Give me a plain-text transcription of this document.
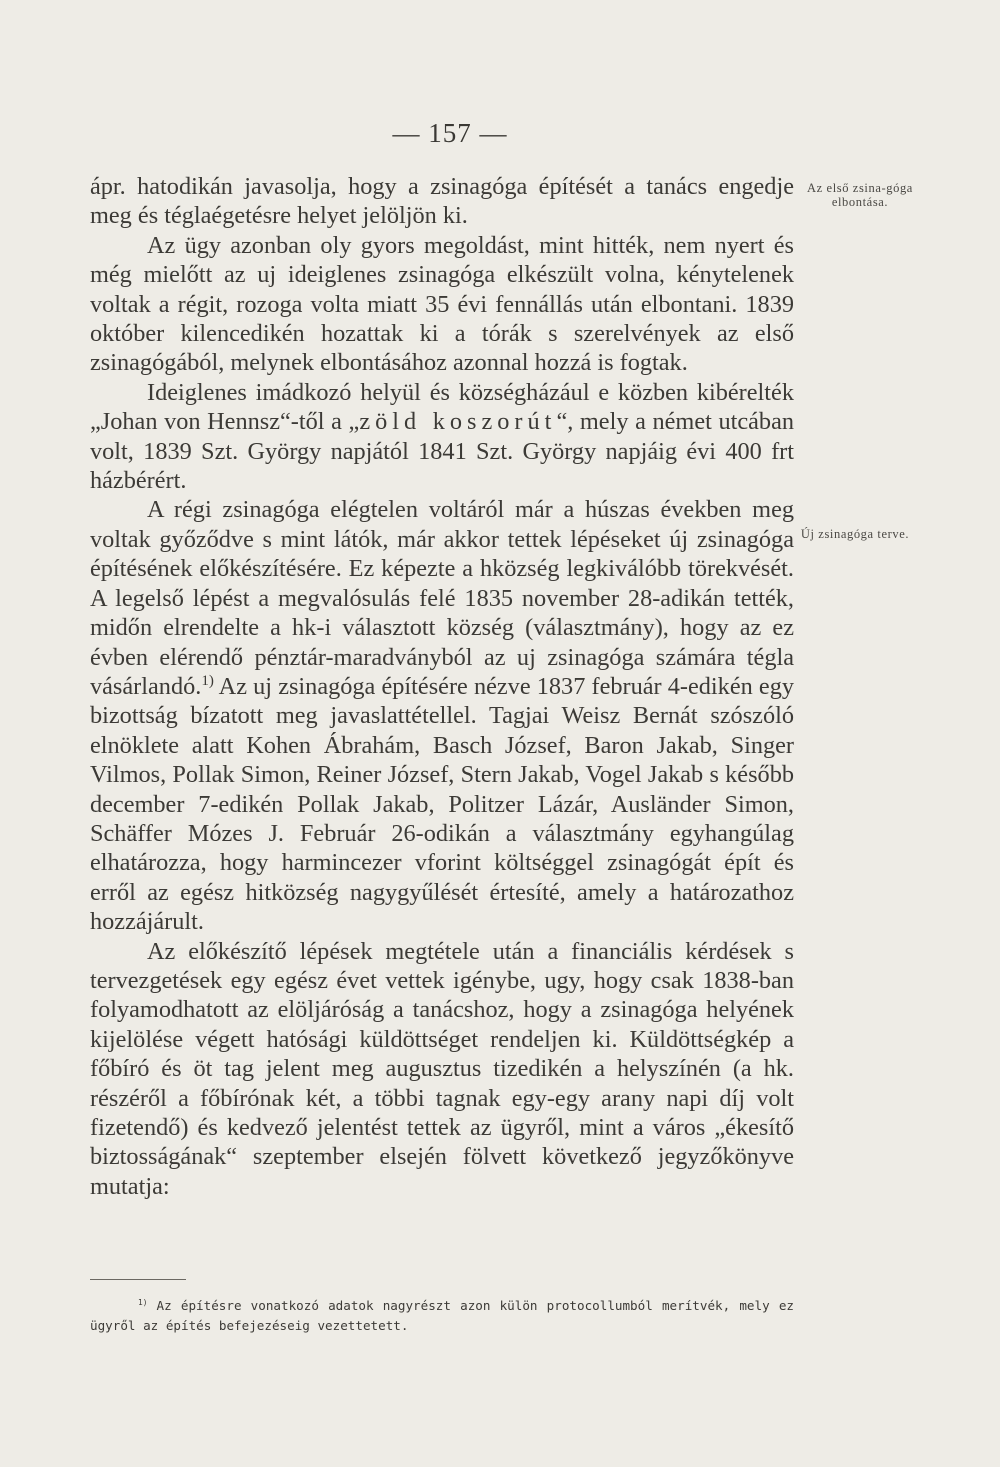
— 157 —
Az első zsina-góga elbontása.
Új zsinagóga terve.

ápr. hatodikán javasolja, hogy a zsinagóga építését a tanács engedje meg és téglaégetésre helyet jelöljön ki.

Az ügy azonban oly gyors megoldást, mint hitték, nem nyert és még mielőtt az uj ideiglenes zsinagóga elkészült volna, kénytelenek voltak a régit, rozoga volta miatt 35 évi fennállás után elbontani. 1839 október kilencedikén hozattak ki a tórák s szerelvények az első zsinagógából, melynek elbontásához azonnal hozzá is fogtak.

Ideiglenes imádkozó helyül és községházául e közben kibérelték „Johan von Hennsz“-től a „zöld koszorút“, mely a német utcában volt, 1839 Szt. György napjától 1841 Szt. György napjáig évi 400 frt házbérért.

A régi zsinagóga elégtelen voltáról már a húszas években meg voltak győződve s mint látók, már akkor tettek lépéseket új zsinagóga építésének előkészítésére. Ez képezte a hközség legkiválóbb törekvését. A legelső lépést a megvalósulás felé 1835 november 28-adikán tették, midőn elrendelte a hk-i választott község (választmány), hogy az ez évben elérendő pénztár-maradványból az uj zsinagóga számára tégla vásárlandó.$^{1)}$ Az uj zsinagóga építésére nézve 1837 február 4-edikén egy bizottság bízatott meg javaslattétellel. Tagjai Weisz Bernát szószóló elnöklete alatt Kohen Ábrahám, Basch József, Baron Jakab, Singer Vilmos, Pollak Simon, Reiner József, Stern Jakab, Vogel Jakab s később december 7-edikén Pollak Jakab, Politzer Lázár, Ausländer Simon, Schäffer Mózes J. Február 26-odikán a választmány egyhangúlag elhatározza, hogy harmincezer vforint költséggel zsinagógát épít és erről az egész hitközség nagygyűlését értesíté, amely a határozathoz hozzájárult.

Az előkészítő lépések megtétele után a financiális kérdések s tervezgetések egy egész évet vettek igénybe, ugy, hogy csak 1838-ban folyamodhatott az elöljáróság a tanácshoz, hogy a zsinagóga helyének kijelölése végett hatósági küldöttséget rendeljen ki. Küldöttségkép a főbíró és öt tag jelent meg augusztus tizedikén a helyszínén (a hk. részéről a főbírónak két, a többi tagnak egy-egy arany napi díj volt fizetendő) és kedvező jelentést tettek az ügyről, mint a város „ékesítő biztosságának“ szeptember elsején fölvett következő jegyzőkönyve mutatja:

$^{1)}$ Az építésre vonatkozó adatok nagyrészt azon külön protocollumból merítvék, mely ez ügyről az építés befejezéseig vezettetett.
